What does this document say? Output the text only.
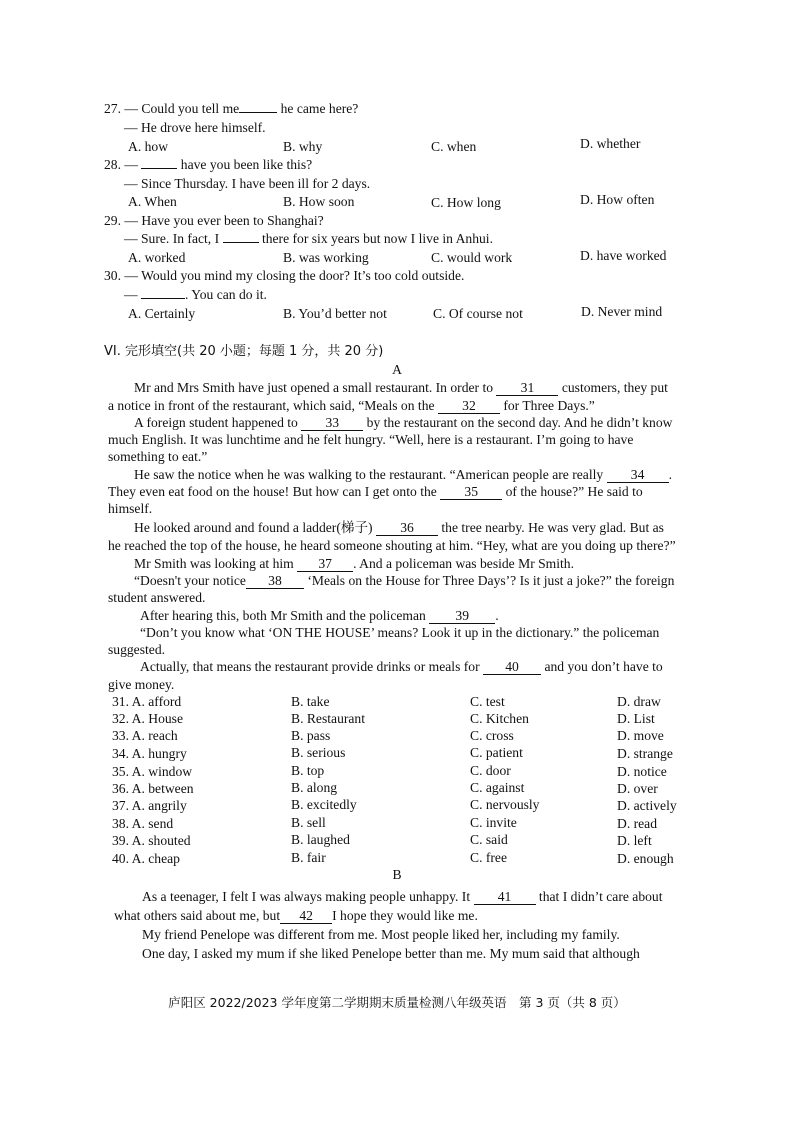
27. — Could you tell me	he came here?
— He drove here himself.
A. how	B. why	C. when	D. whether
28. —	have you been like this?
— Since Thursday. I have been ill for 2 days.
A. When	B. How soon	C. How long	D. How often
29. — Have you ever been to Shanghai?
— Sure. In fact, I	there for six years but now I live in Anhui.
A. worked	B. was working	C. would work	D. have worked
30. — Would you mind my closing the door? It’s too cold outside.
—	. You can do it.
A. Certainly	B. You’d better not	C. Of course not	D. Never mind
VI. 完形填空(共 20 小题；每题 1 分，共 20 分)
A
Mr and Mrs Smith have just opened a small restaurant. In order to 31 customers, they put
a notice in front of the restaurant, which said, “Meals on the 32 for Three Days.”
A foreign student happened to 33 by the restaurant on the second day. And he didn’t know
much English. It was lunchtime and he felt hungry. “Well, here is a restaurant. I’m going to have
something to eat.”
He saw the notice when he was walking to the restaurant. “American people are really 34 .
They even eat food on the house! But how can I get onto the 35 of the house?” He said to
himself.
He looked around and found a ladder(梯子) 36 the tree nearby. He was very glad. But as
he reached the top of the house, he heard someone shouting at him. “Hey, what are you doing up there?”
Mr Smith was looking at him 37 . And a policeman was beside Mr Smith.
“Doesn't your notice 38 ‘Meals on the House for Three Days’? Is it just a joke?” the foreign
student answered.
After hearing this, both Mr Smith and the policeman 39 .
“Don’t you know what ‘ON THE HOUSE’ means? Look it up in the dictionary.” the policeman
suggested.
Actually, that means the restaurant provide drinks or meals for 40 and you don’t have to
give money.
31. A. afford	B. take	C. test	D. draw
32. A. House	B. Restaurant	C. Kitchen	D. List
33. A. reach	B. pass	C. cross	D. move
34. A. hungry	B. serious	C. patient	D. strange
35. A. window	B. top	C. door	D. notice
36. A. between	B. along	C. against	D. over
37. A. angrily	B. excitedly	C. nervously	D. actively
38. A. send	B. sell	C. invite	D. read
39. A. shouted	B. laughed	C. said	D. left
40. A. cheap	B. fair	C. free	D. enough
B
As a teenager, I felt I was always making people unhappy. It 41 that I didn’t care about
what others said about me, but 42 I hope they would like me.
My friend Penelope was different from me. Most people liked her, including my family.
One day, I asked my mum if she liked Penelope better than me. My mum said that although
庐阳区 2022/2023 学年度第二学期期末质量检测八年级英语　第 3 页（共 8 页）
